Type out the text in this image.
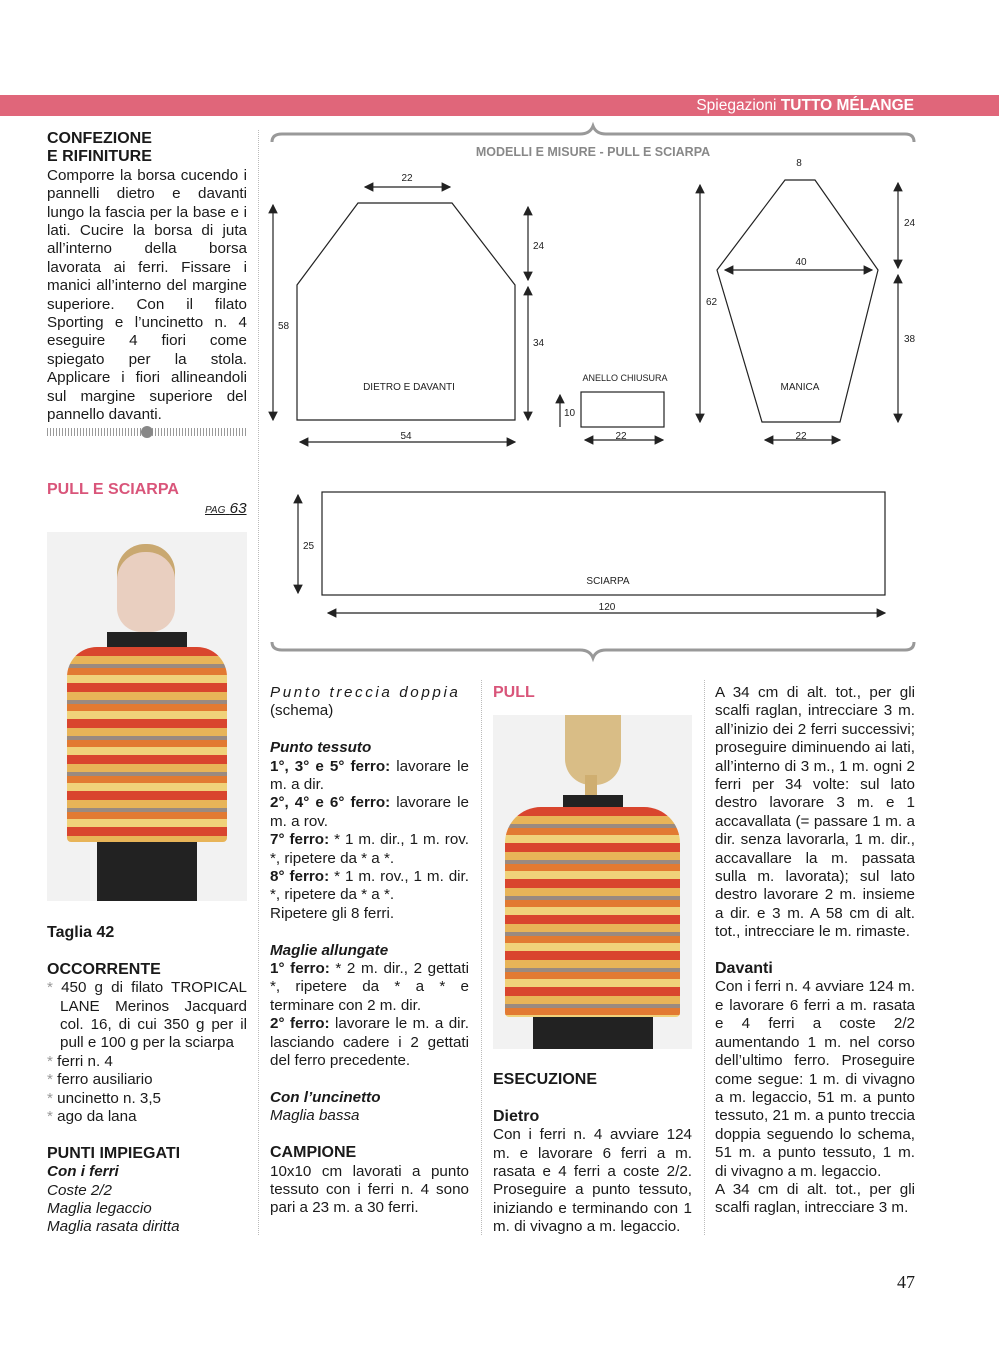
Spiegazioni TUTTO MÉLANGE
CONFEZIONE
E RIFINITURE

Comporre la borsa cucendo i pannelli dietro e davanti lungo la fascia per la base e i lati. Cucire la borsa di juta all’interno della borsa lavorata ai ferri. Fissare i manici all’interno del margine superiore. Con il filato Sporting e l’uncinetto n. 4 eseguire 4 fiori come spiegato per la stola. Applicare i fiori allineandoli sul margine superiore del pannello davanti.

PULL E SCIARPA
PAG 63
Taglia 42
OCCORRENTE
* 450 g di filato TROPICAL LANE Merinos Jacquard col. 16, di cui 350 g per il pull e 100 g per la sciarpa
* ferri n. 4
* ferro ausiliario
* uncinetto n. 3,5
* ago da lana
PUNTI IMPIEGATI

Con i ferri

Coste 2/2

Maglia legaccio

Maglia rasata diritta

MODELLI E MISURE - PULL E SCIARPA
22
24
34
58
54
DIETRO E DAVANTI
ANELLO CHIUSURA
10
22
8
40
24
38
62
22
MANICA
25
SCIARPA
120

Punto treccia doppia

(schema)

Punto tessuto

1°, 3° e 5° ferro: lavorare le m. a dir.

2°, 4° e 6° ferro: lavorare le m. a rov.

7° ferro: * 1 m. dir., 1 m. rov. *, ripetere da * a *.

8° ferro: * 1 m. rov., 1 m. dir. *, ripetere da * a *.

Ripetere gli 8 ferri.

Maglie allungate

1° ferro: * 2 m. dir., 2 gettati *, ripetere da * a * e terminare con 2 m. dir.

2° ferro: lavorare le m. a dir. lasciando cadere i 2 gettati del ferro precedente.

Con l’uncinetto

Maglia bassa

CAMPIONE

10x10 cm lavorati a punto tessuto con i ferri n. 4 sono pari a 23 m. a 30 ferri.

PULL
ESECUZIONE
Dietro

Con i ferri n. 4 avviare 124 m. e lavorare 6 ferri a m. rasata e 4 ferri a coste 2/2. Proseguire a punto tessuto, iniziando e terminando con 1 m. di vivagno a m. legaccio.

A 34 cm di alt. tot., per gli scalfi raglan, intrecciare 3 m. all’inizio dei 2 ferri successivi; proseguire diminuendo ai lati, all’interno di 3 m., 1 m. ogni 2 ferri per 34 volte: sul lato destro lavorare 3 m. e 1 accavallata (= passare 1 m. a dir. senza lavorarla, 1 m. dir., accavallare la m. passata sulla m. lavorata); sul lato destro lavorare 2 m. insieme a dir. e 3 m. A 58 cm di alt. tot., intrecciare le m. rimaste.

Davanti

Con i ferri n. 4 avviare 124 m. e lavorare 6 ferri a m. rasata e 4 ferri a coste 2/2 aumentando 1 m. nel corso dell’ultimo ferro. Proseguire come segue: 1 m. di vivagno a m. legaccio, 51 m. a punto tessuto, 21 m. a punto treccia doppia seguendo lo schema, 51 m. a punto tessuto, 1 m. di vivagno a m. legaccio.

A 34 cm di alt. tot., per gli scalfi raglan, intrecciare 3 m.

47
